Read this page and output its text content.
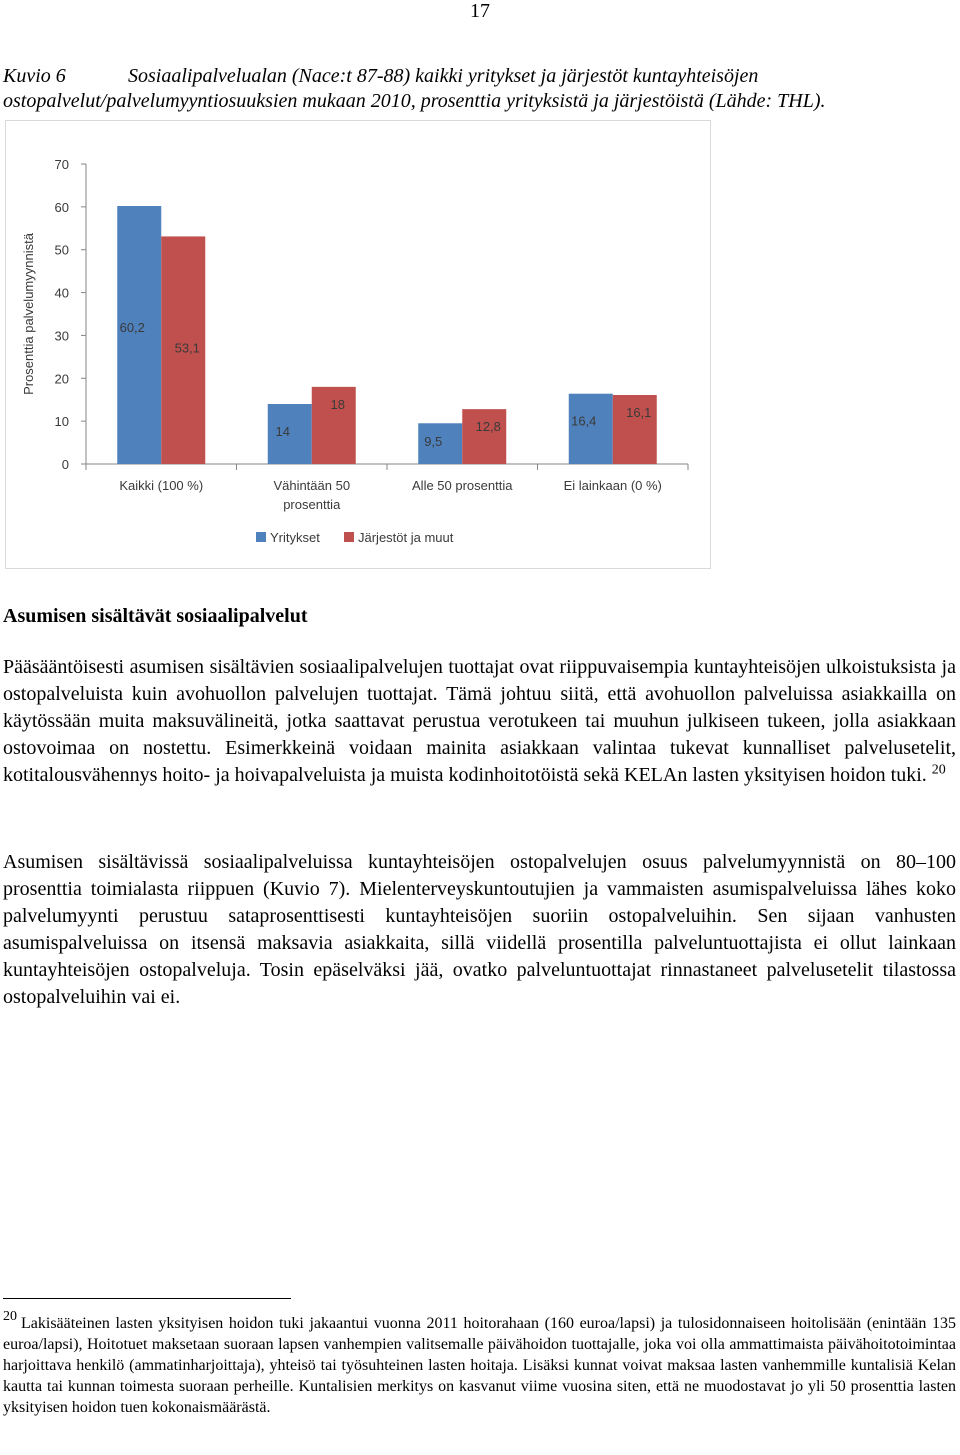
17
Kuvio 6	Sosiaalipalvelualan (Nace:t 87-88) kaikki yritykset ja järjestöt kuntayhteisöjen ostopalvelut/palvelumyyntiosuuksien mukaan 2010, prosenttia yrityksistä ja järjestöistä (Lähde: THL).
Prosenttia palvelumyynnistä
0
10
20
30
40
50
60
70
60,2
53,1
Kaikki (100 %)
14
18
Vähintään 50
prosenttia
9,5
12,8
Alle 50 prosenttia
16,4
16,1
Ei lainkaan (0 %)
Yritykset	Järjestöt ja muut
Asumisen sisältävät sosiaalipalvelut
Pääsääntöisesti asumisen sisältävien sosiaalipalvelujen tuottajat ovat riippuvaisempia kuntayhteisöjen ulkoistuksista ja ostopalveluista kuin avohuollon palvelujen tuottajat. Tämä johtuu siitä, että avohuollon palveluissa asiakkailla on käytössään muita maksuvälineitä, jotka saattavat perustua verotukeen tai muuhun julkiseen tukeen, jolla asiakkaan ostovoimaa on nostettu. Esimerkkeinä voidaan mainita asiakkaan valintaa tukevat kunnalliset palvelusetelit, kotitalousvähennys hoito- ja hoivapalveluista ja muista kodinhoitotöistä sekä KELAn lasten yksityisen hoidon tuki. $^{20}$
Asumisen sisältävissä sosiaalipalveluissa kuntayhteisöjen ostopalvelujen osuus palvelumyynnistä on 80–100 prosenttia toimialasta riippuen (Kuvio 7). Mielenterveyskuntoutujien ja vammaisten asumispalveluissa lähes koko palvelumyynti perustuu sataprosenttisesti kuntayhteisöjen suoriin ostopalveluihin. Sen sijaan vanhusten asumispalveluissa on itsensä maksavia asiakkaita, sillä viidellä prosentilla palveluntuottajista ei ollut lainkaan kuntayhteisöjen ostopalveluja. Tosin epäselväksi jää, ovatko palveluntuottajat rinnastaneet palvelusetelit tilastossa ostopalveluihin vai ei.
20 Lakisääteinen lasten yksityisen hoidon tuki jakaantui vuonna 2011 hoitorahaan (160 euroa/lapsi) ja tulosidonnaiseen hoitolisään (enintään 135 euroa/lapsi), Hoitotuet maksetaan suoraan lapsen vanhempien valitsemalle päivähoidon tuottajalle, joka voi olla ammattimaista päivähoitotoimintaa harjoittava henkilö (ammatinharjoittaja), yhteisö tai työsuhteinen lasten hoitaja. Lisäksi kunnat voivat maksaa lasten vanhemmille kuntalisiä Kelan kautta tai kunnan toimesta suoraan perheille. Kuntalisien merkitys on kasvanut viime vuosina siten, että ne muodostavat jo yli 50 prosenttia lasten yksityisen hoidon tuen kokonaismäärästä.
